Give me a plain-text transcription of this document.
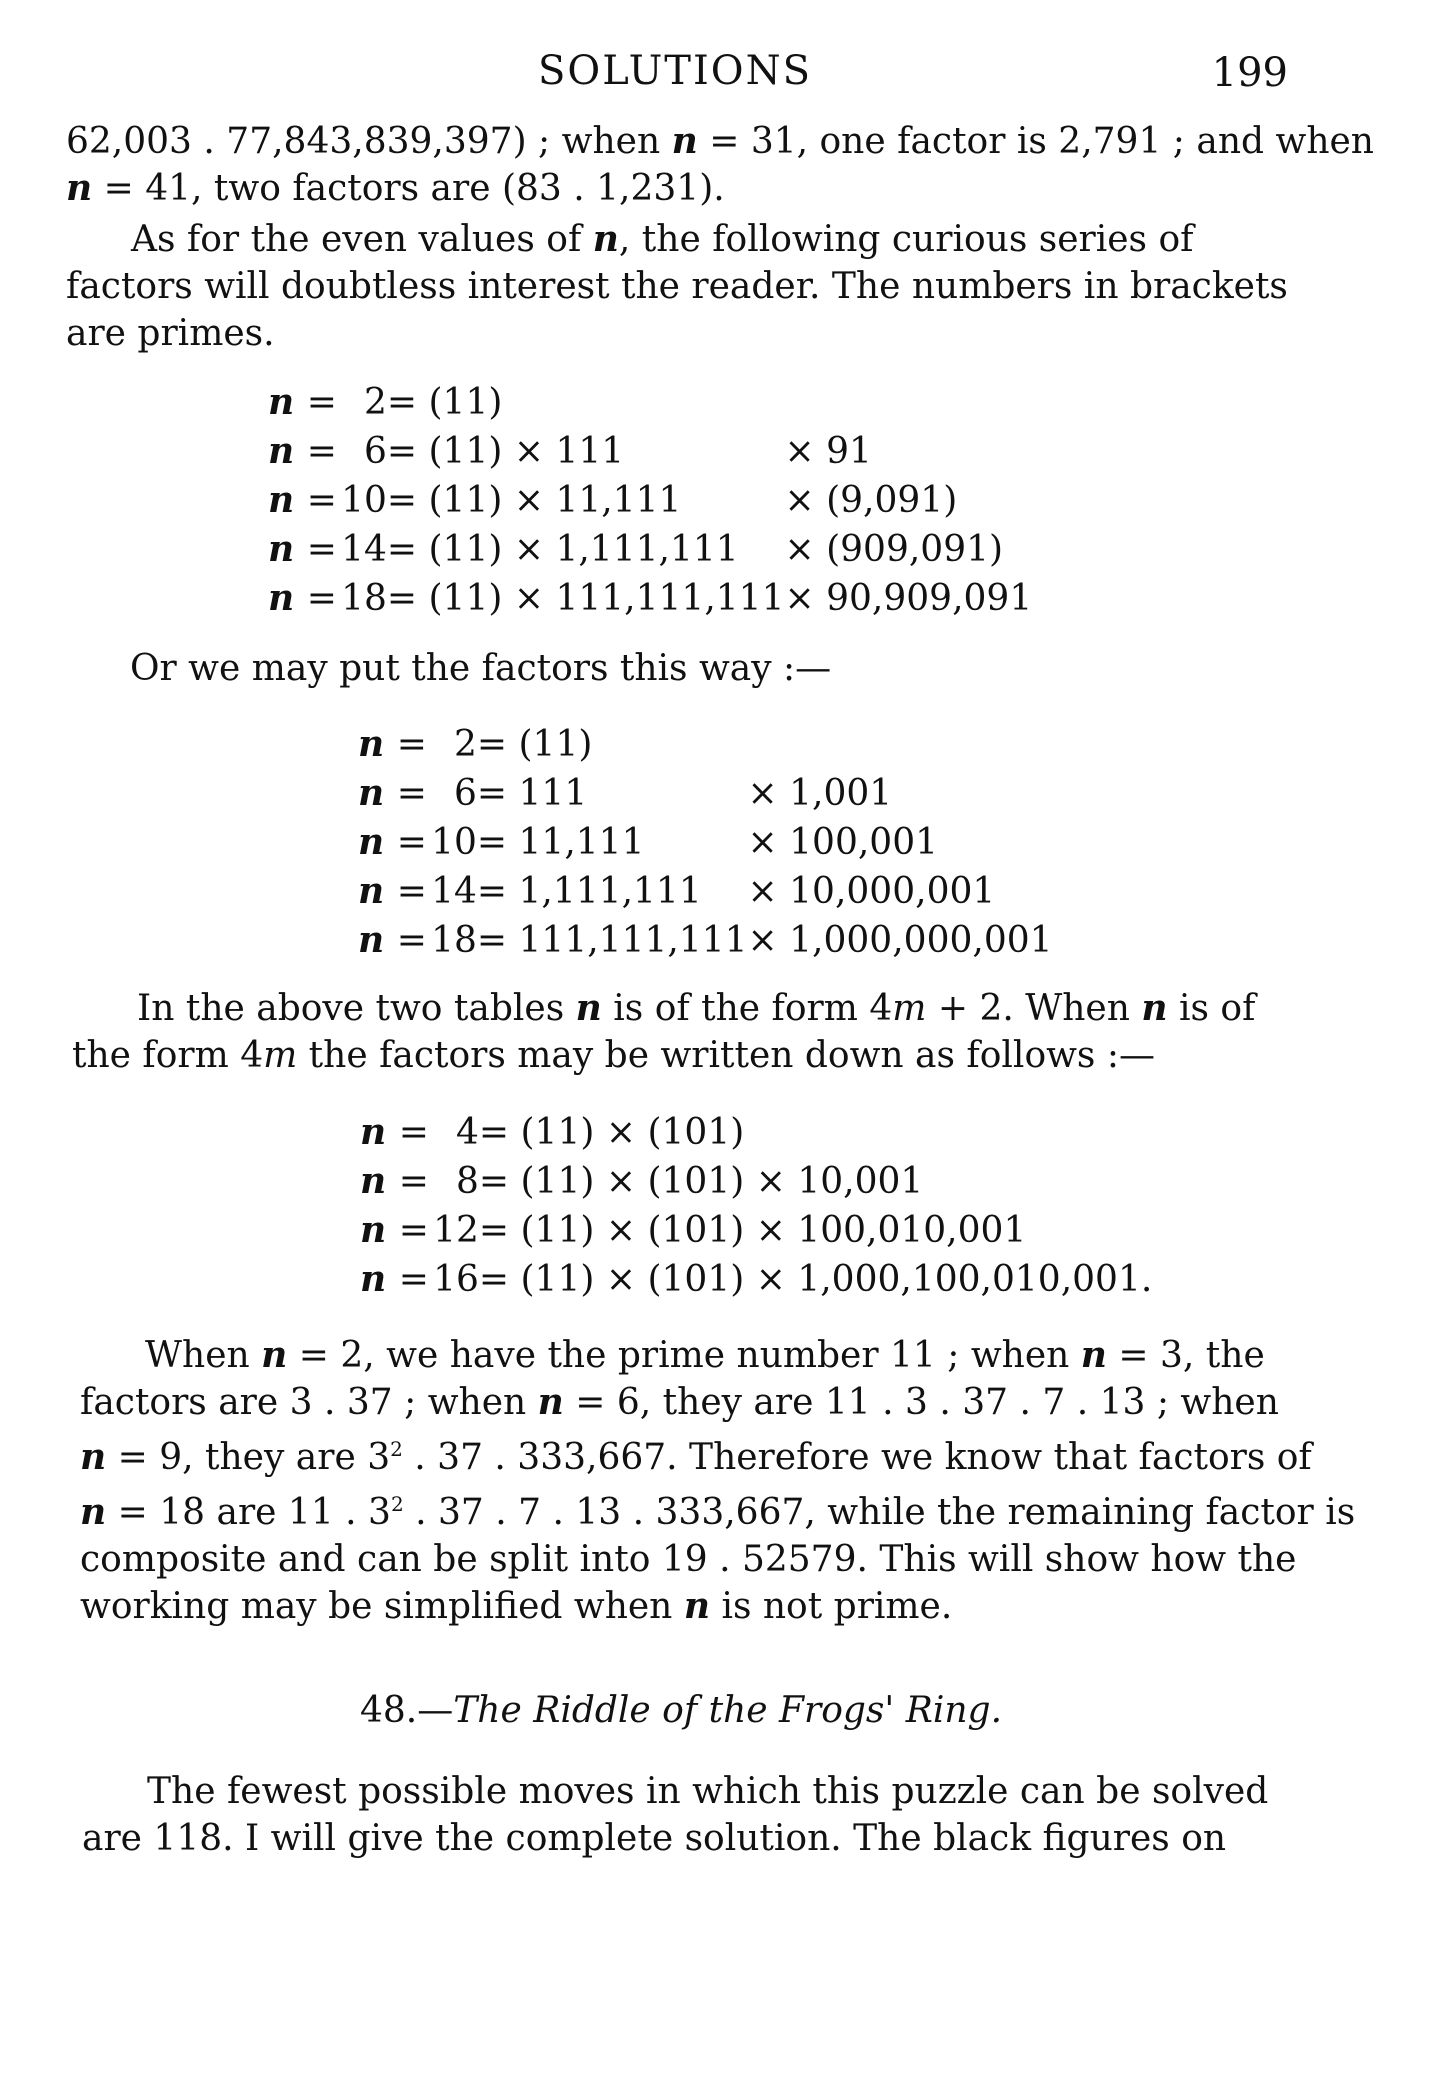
SOLUTIONS	199
62,003 . 77,843,839,397) ; when n = 31, one factor is 2,791 ; and when
n = 41, two factors are (83 . 1,231).
As for the even values of n, the following curious series of
factors will doubtless interest the reader. The numbers in brackets
are primes.
n =	2	= (11)	
n =	6	= (11) × 111	× 91
n =	10	= (11) × 11,111	× (9,091)
n =	14	= (11) × 1,111,111	× (909,091)
n =	18	= (11) × 111,111,111	× 90,909,091
Or we may put the factors this way :—
n =	2	= (11)	
n =	6	= 111	× 1,001
n =	10	= 11,111	× 100,001
n =	14	= 1,111,111	× 10,000,001
n =	18	= 111,111,111	× 1,000,000,001
In the above two tables n is of the form 4m + 2. When n is of
the form 4m the factors may be written down as follows :—
n =	4	= (11) × (101)
n =	8	= (11) × (101) × 10,001
n =	12	= (11) × (101) × 100,010,001
n =	16	= (11) × (101) × 1,000,100,010,001.
When n = 2, we have the prime number 11 ; when n = 3, the
factors are 3 . 37 ; when n = 6, they are 11 . 3 . 37 . 7 . 13 ; when
n = 9, they are $3^2$ . 37 . 333,667. Therefore we know that factors of
n = 18 are 11 . $3^2$ . 37 . 7 . 13 . 333,667, while the remaining factor is
composite and can be split into 19 . 52579. This will show how the
working may be simplified when n is not prime.
48.—The Riddle of the Frogs' Ring.
The fewest possible moves in which this puzzle can be solved
are 118. I will give the complete solution. The black figures on
